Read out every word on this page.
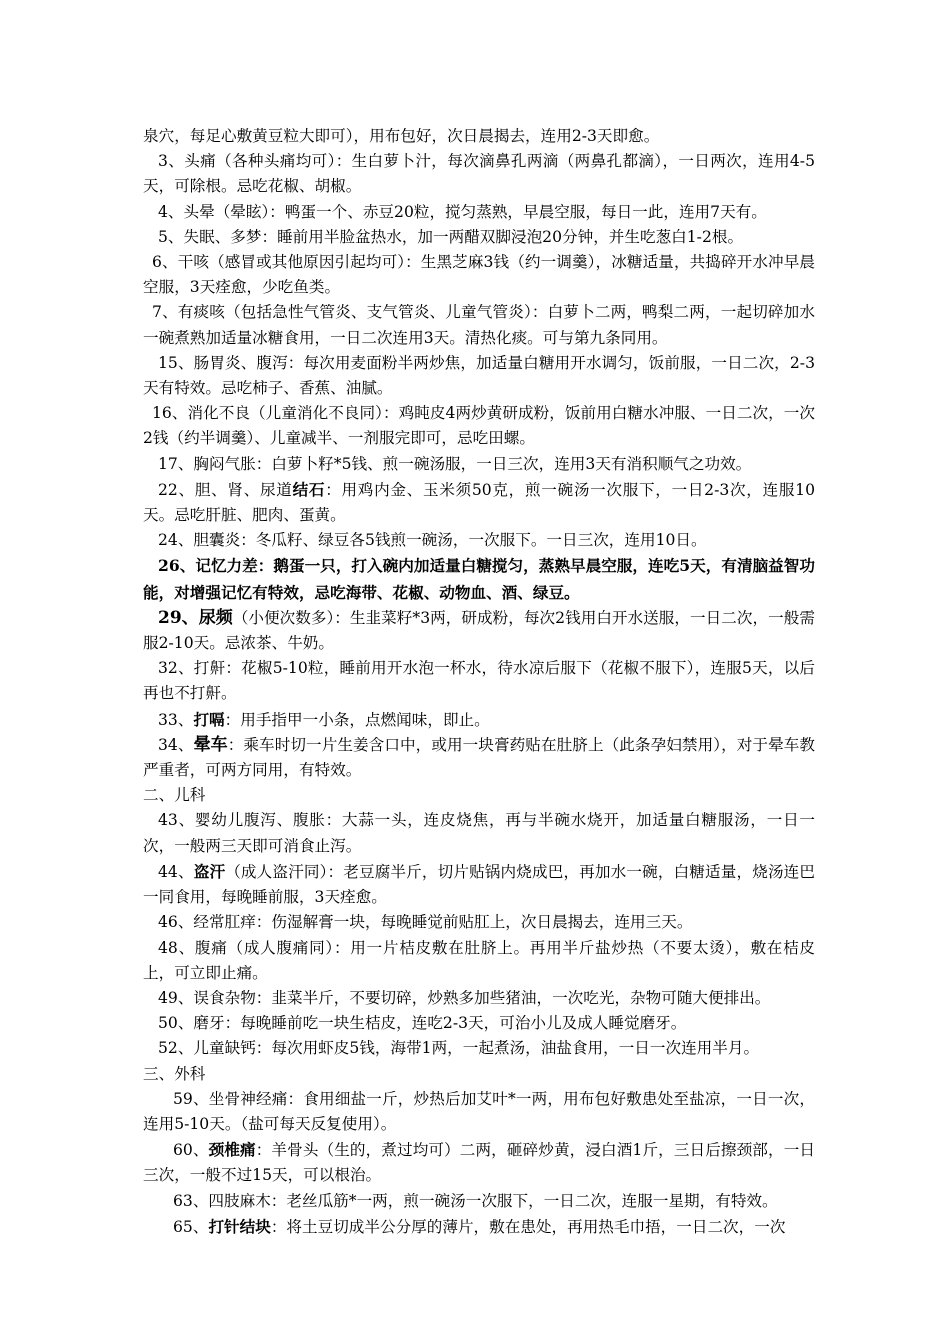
泉穴，每足心敷黄豆粒大即可），用布包好，次日晨揭去，连用2-3天即愈。

3、头痛（各种头痛均可）：生白萝卜汁，每次滴鼻孔两滴（两鼻孔都滴），一日两次，连用4-5天，可除根。忌吃花椒、胡椒。

4、头晕（晕眩）：鸭蛋一个、赤豆20粒，搅匀蒸熟，早晨空服，每日一此，连用7天有。

5、失眠、多梦：睡前用半脸盆热水，加一两醋双脚浸泡20分钟，并生吃葱白1-2根。

6、干咳（感冒或其他原因引起均可）：生黑芝麻3钱（约一调羹），冰糖适量，共捣碎开水冲早晨空服，3天痊愈，少吃鱼类。

7、有痰咳（包括急性气管炎、支气管炎、儿童气管炎）：白萝卜二两，鸭梨二两，一起切碎加水一碗煮熟加适量冰糖食用，一日二次连用3天。清热化痰。可与第九条同用。

15、肠胃炎、腹泻：每次用麦面粉半两炒焦，加适量白糖用开水调匀，饭前服，一日二次，2-3天有特效。忌吃柿子、香蕉、油腻。

16、消化不良（儿童消化不良同）：鸡盹皮4两炒黄研成粉，饭前用白糖水冲服、一日二次，一次2钱（约半调羹）、儿童减半、一剂服完即可，忌吃田螺。

17、胸闷气胀：白萝卜籽*5钱、煎一碗汤服，一日三次，连用3天有消积顺气之功效。

22、胆、肾、尿道结石：用鸡内金、玉米须50克，煎一碗汤一次服下，一日2-3次，连服10天。忌吃肝脏、肥肉、蛋黄。

24、胆囊炎：冬瓜籽、绿豆各5钱煎一碗汤，一次服下。一日三次，连用10日。

26、记忆力差：鹅蛋一只，打入碗内加适量白糖搅匀，蒸熟早晨空服，连吃5天，有清脑益智功能，对增强记忆有特效，忌吃海带、花椒、动物血、酒、绿豆。

29、尿频（小便次数多）：生韭菜籽*3两，研成粉，每次2钱用白开水送服，一日二次，一般需服2-10天。忌浓茶、牛奶。

32、打鼾：花椒5-10粒，睡前用开水泡一杯水，待水凉后服下（花椒不服下），连服5天，以后再也不打鼾。

33、打嗝：用手指甲一小条，点燃闻味，即止。

34、晕车：乘车时切一片生姜含口中，或用一块膏药贴在肚脐上（此条孕妇禁用），对于晕车教严重者，可两方同用，有特效。

二、儿科

43、婴幼儿腹泻、腹胀：大蒜一头，连皮烧焦，再与半碗水烧开，加适量白糖服汤，一日一次，一般两三天即可消食止泻。

44、盗汗（成人盗汗同）：老豆腐半斤，切片贴锅内烧成巴，再加水一碗，白糖适量，烧汤连巴一同食用，每晚睡前服，3天痊愈。

46、经常肛痒：伤湿解膏一块，每晚睡觉前贴肛上，次日晨揭去，连用三天。

48、腹痛（成人腹痛同）：用一片桔皮敷在肚脐上。再用半斤盐炒热（不要太烫），敷在桔皮上，可立即止痛。

49、误食杂物：韭菜半斤，不要切碎，炒熟多加些猪油，一次吃光，杂物可随大便排出。

50、磨牙：每晚睡前吃一块生桔皮，连吃2-3天，可治小儿及成人睡觉磨牙。

52、儿童缺钙：每次用虾皮5钱，海带1两，一起煮汤，油盐食用，一日一次连用半月。

三、外科

59、坐骨神经痛：食用细盐一斤，炒热后加艾叶*一两，用布包好敷患处至盐凉，一日一次，连用5-10天。（盐可每天反复使用）。

60、颈椎痛：羊骨头（生的，煮过均可）二两，砸碎炒黄，浸白酒1斤，三日后擦颈部，一日三次，一般不过15天，可以根治。

63、四肢麻木：老丝瓜筋*一两，煎一碗汤一次服下，一日二次，连服一星期，有特效。

65、打针结块：将土豆切成半公分厚的薄片，敷在患处，再用热毛巾捂，一日二次，一次
